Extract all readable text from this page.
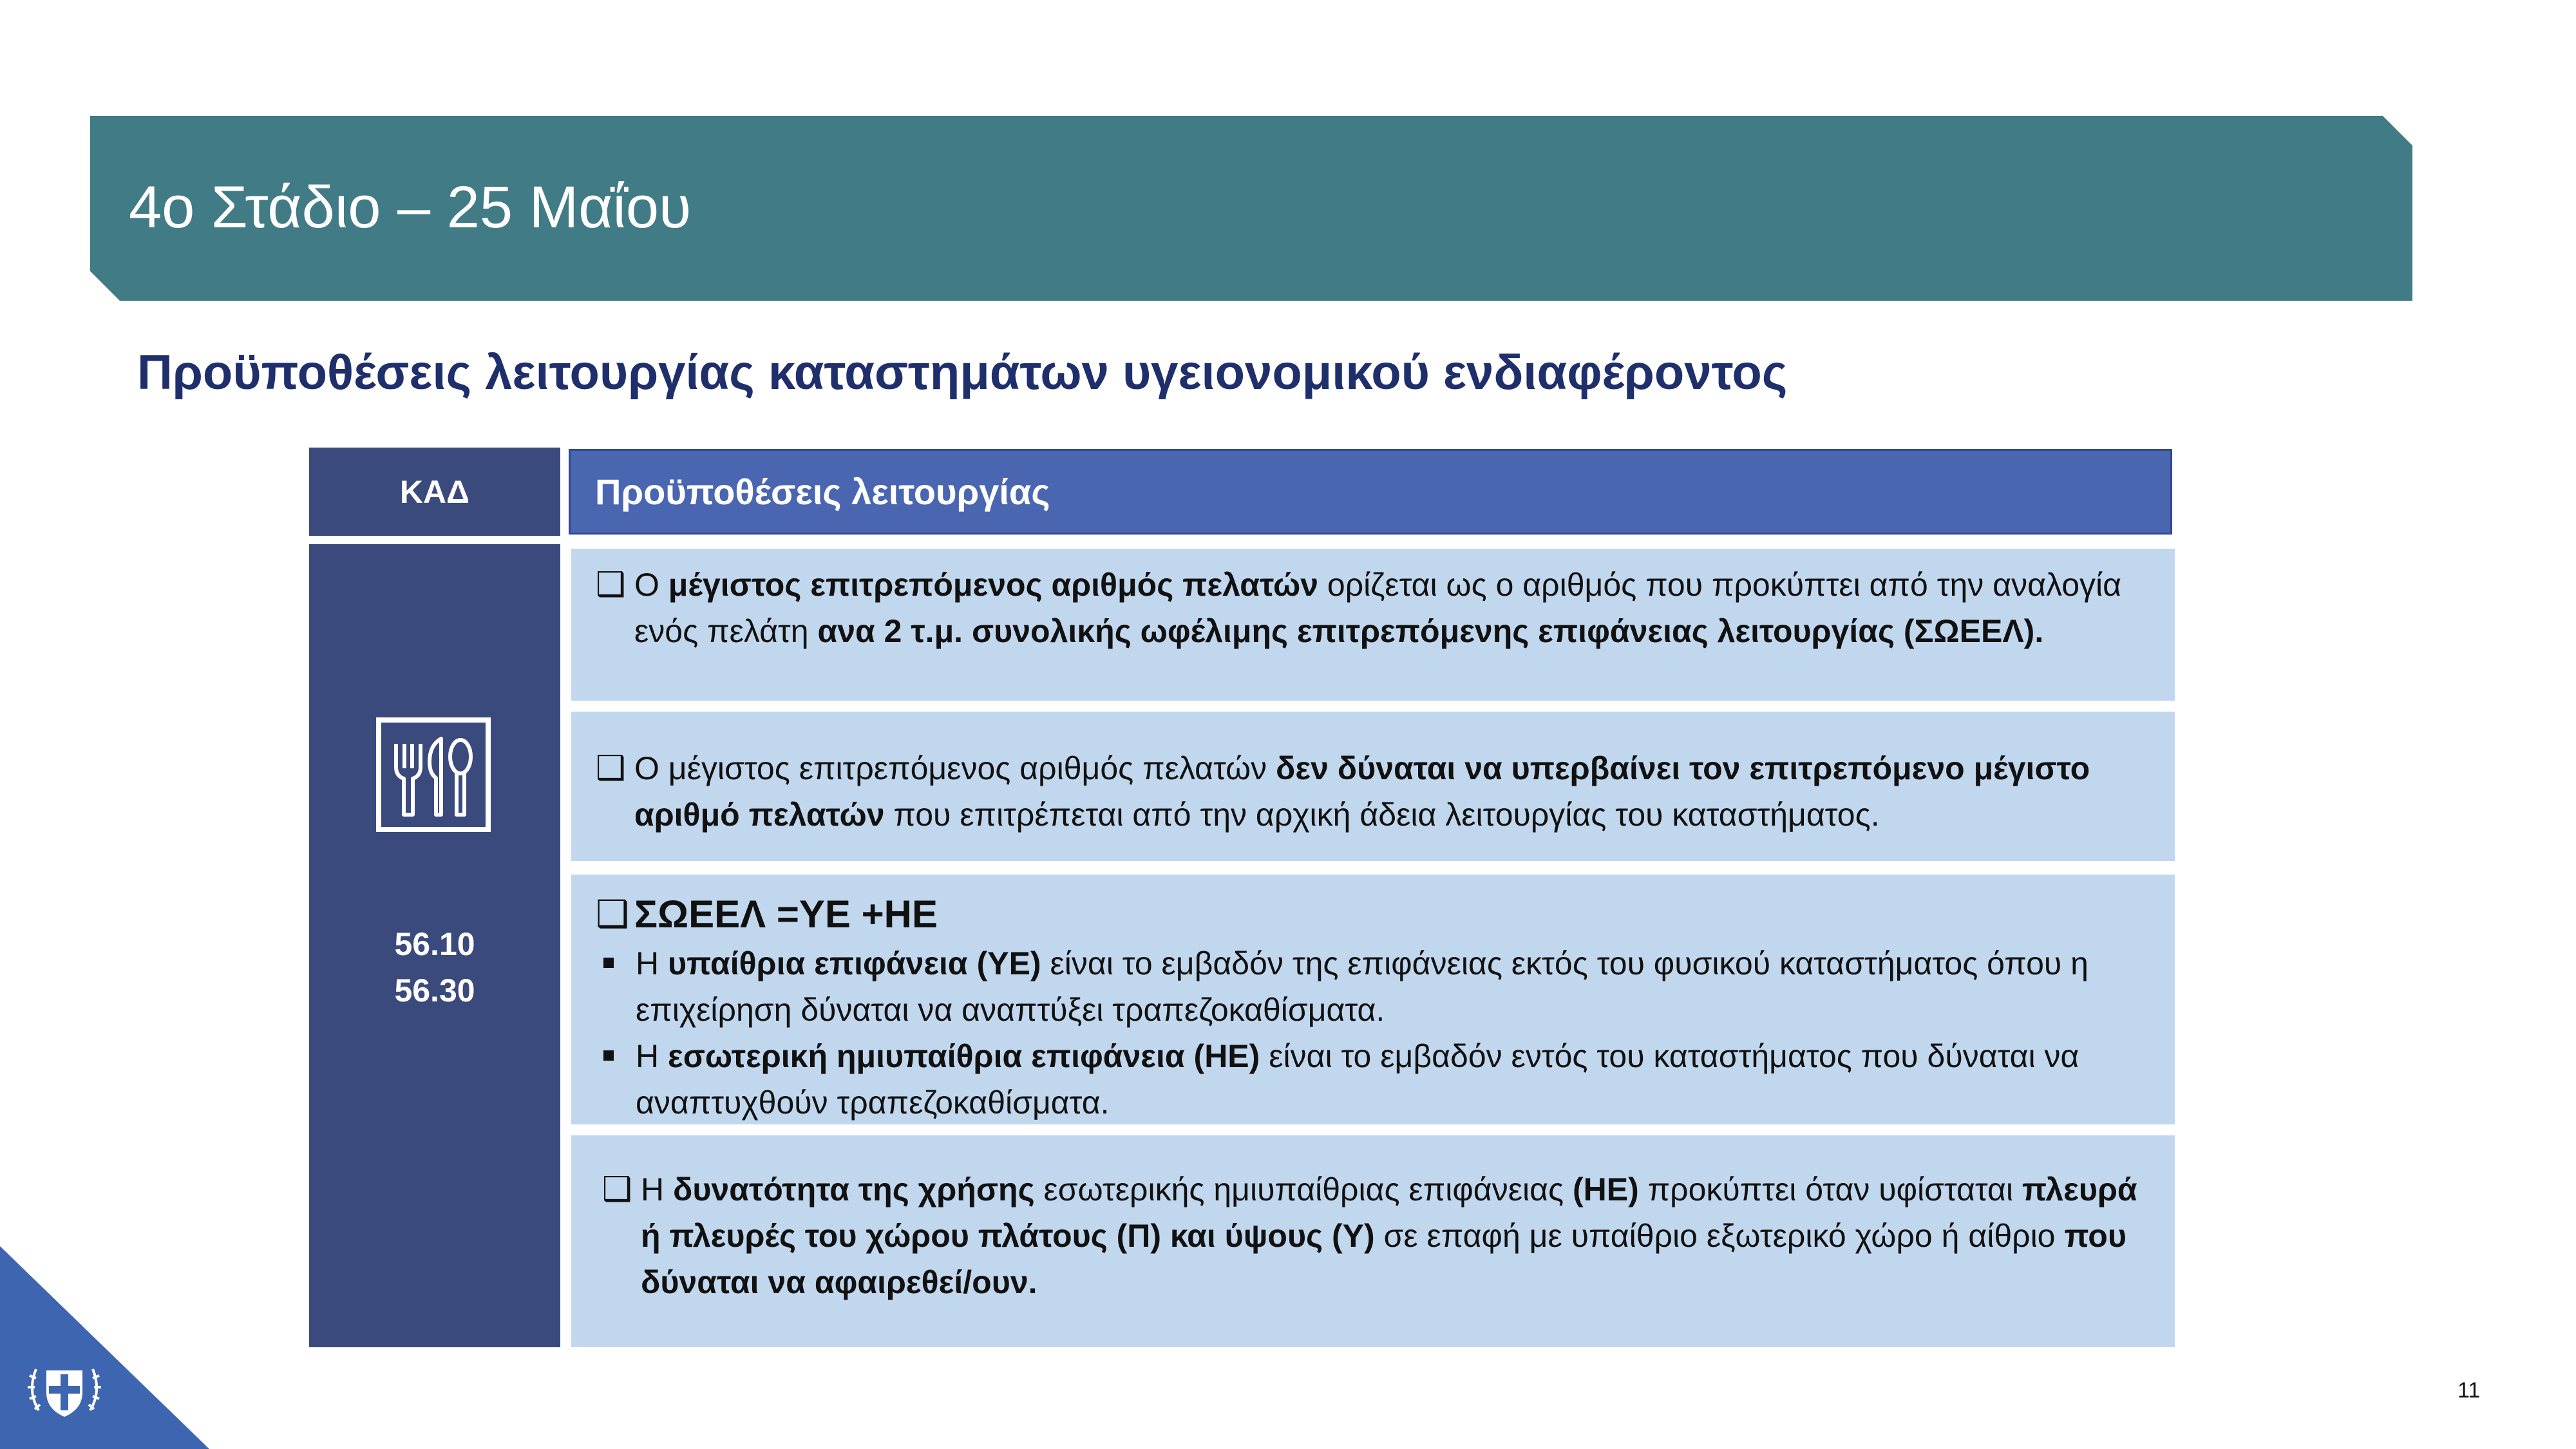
4ο Στάδιο – 25 Μαΐου
Προϋποθέσεις λειτουργίας καταστημάτων υγειονομικού ενδιαφέροντος
ΚΑΔ	Προϋποθέσεις λειτουργίας
56.10
56.30
❑ Ο μέγιστος επιτρεπόμενος αριθμός πελατών ορίζεται ως ο αριθμός που προκύπτει από την αναλογία ενός πελάτη ανα 2 τ.μ. συνολικής ωφέλιμης επιτρεπόμενης επιφάνειας λειτουργίας (ΣΩΕΕΛ).
❑ Ο μέγιστος επιτρεπόμενος αριθμός πελατών δεν δύναται να υπερβαίνει τον επιτρεπόμενο μέγιστο αριθμό πελατών που επιτρέπεται από την αρχική άδεια λειτουργίας του καταστήματος.
❑ ΣΩΕΕΛ =ΥΕ +ΗΕ
Η υπαίθρια επιφάνεια (ΥΕ) είναι το εμβαδόν της επιφάνειας εκτός του φυσικού καταστήματος όπου η επιχείρηση δύναται να αναπτύξει τραπεζοκαθίσματα.
Η εσωτερική ημιυπαίθρια επιφάνεια (ΗΕ) είναι το εμβαδόν εντός του καταστήματος που δύναται να αναπτυχθούν τραπεζοκαθίσματα.
❑ Η δυνατότητα της χρήσης εσωτερικής ημιυπαίθριας επιφάνειας (ΗΕ) προκύπτει όταν υφίσταται πλευρά ή πλευρές του χώρου πλάτους (Π) και ύψους (Υ) σε επαφή με υπαίθριο εξωτερικό χώρο ή αίθριο που δύναται να αφαιρεθεί/ουν.
11
